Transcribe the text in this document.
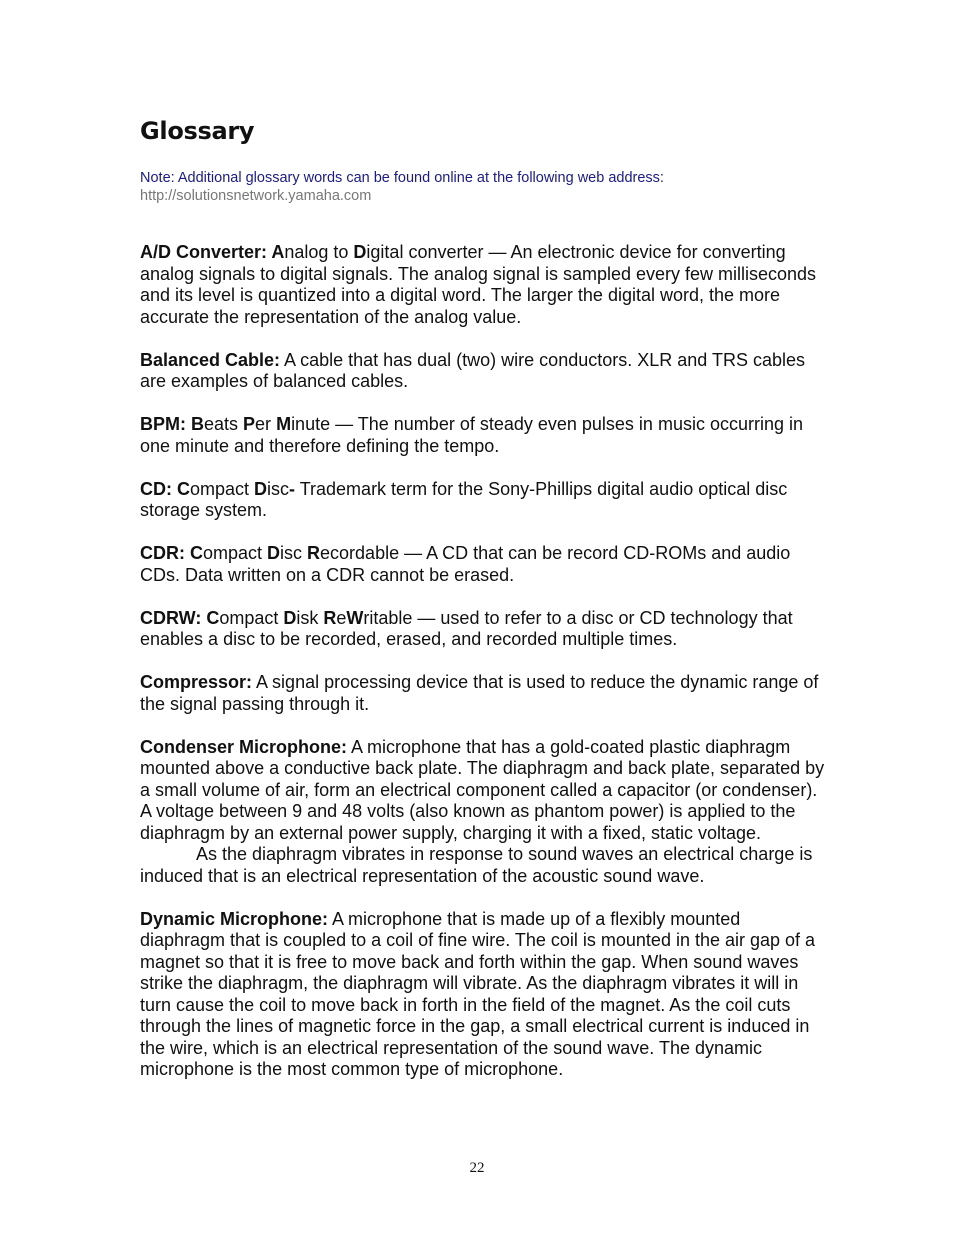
Glossary
Note: Additional glossary words can be found online at the following web address:
http://solutionsnetwork.yamaha.com

A/D Converter: Analog to Digital converter — An electronic device for converting analog signals to digital signals. The analog signal is sampled every few milliseconds and its level is quantized into a digital word. The larger the digital word, the more accurate the representation of the analog value.

Balanced Cable: A cable that has dual (two) wire conductors. XLR and TRS cables are examples of balanced cables.

BPM: Beats Per Minute — The number of steady even pulses in music occurring in one minute and therefore defining the tempo.

CD: Compact Disc- Trademark term for the Sony-Phillips digital audio optical disc storage system.

CDR: Compact Disc Recordable — A CD that can be record CD-ROMs and audio CDs. Data written on a CDR cannot be erased.

CDRW: Compact Disk ReWritable — used to refer to a disc or CD technology that enables a disc to be recorded, erased, and recorded multiple times.

Compressor: A signal processing device that is used to reduce the dynamic range of the signal passing through it.

Condenser Microphone: A microphone that has a gold-coated plastic diaphragm mounted above a conductive back plate. The diaphragm and back plate, separated by a small volume of air, form an electrical component called a capacitor (or condenser). A voltage between 9 and 48 volts (also known as phantom power) is applied to the diaphragm by an external power supply, charging it with a fixed, static voltage.
As the diaphragm vibrates in response to sound waves an electrical charge is induced that is an electrical representation of the acoustic sound wave.

Dynamic Microphone: A microphone that is made up of a flexibly mounted diaphragm that is coupled to a coil of fine wire. The coil is mounted in the air gap of a magnet so that it is free to move back and forth within the gap. When sound waves strike the diaphragm, the diaphragm will vibrate. As the diaphragm vibrates it will in turn cause the coil to move back in forth in the field of the magnet. As the coil cuts through the lines of magnetic force in the gap, a small electrical current is induced in the wire, which is an electrical representation of the sound wave. The dynamic microphone is the most common type of microphone.

22
